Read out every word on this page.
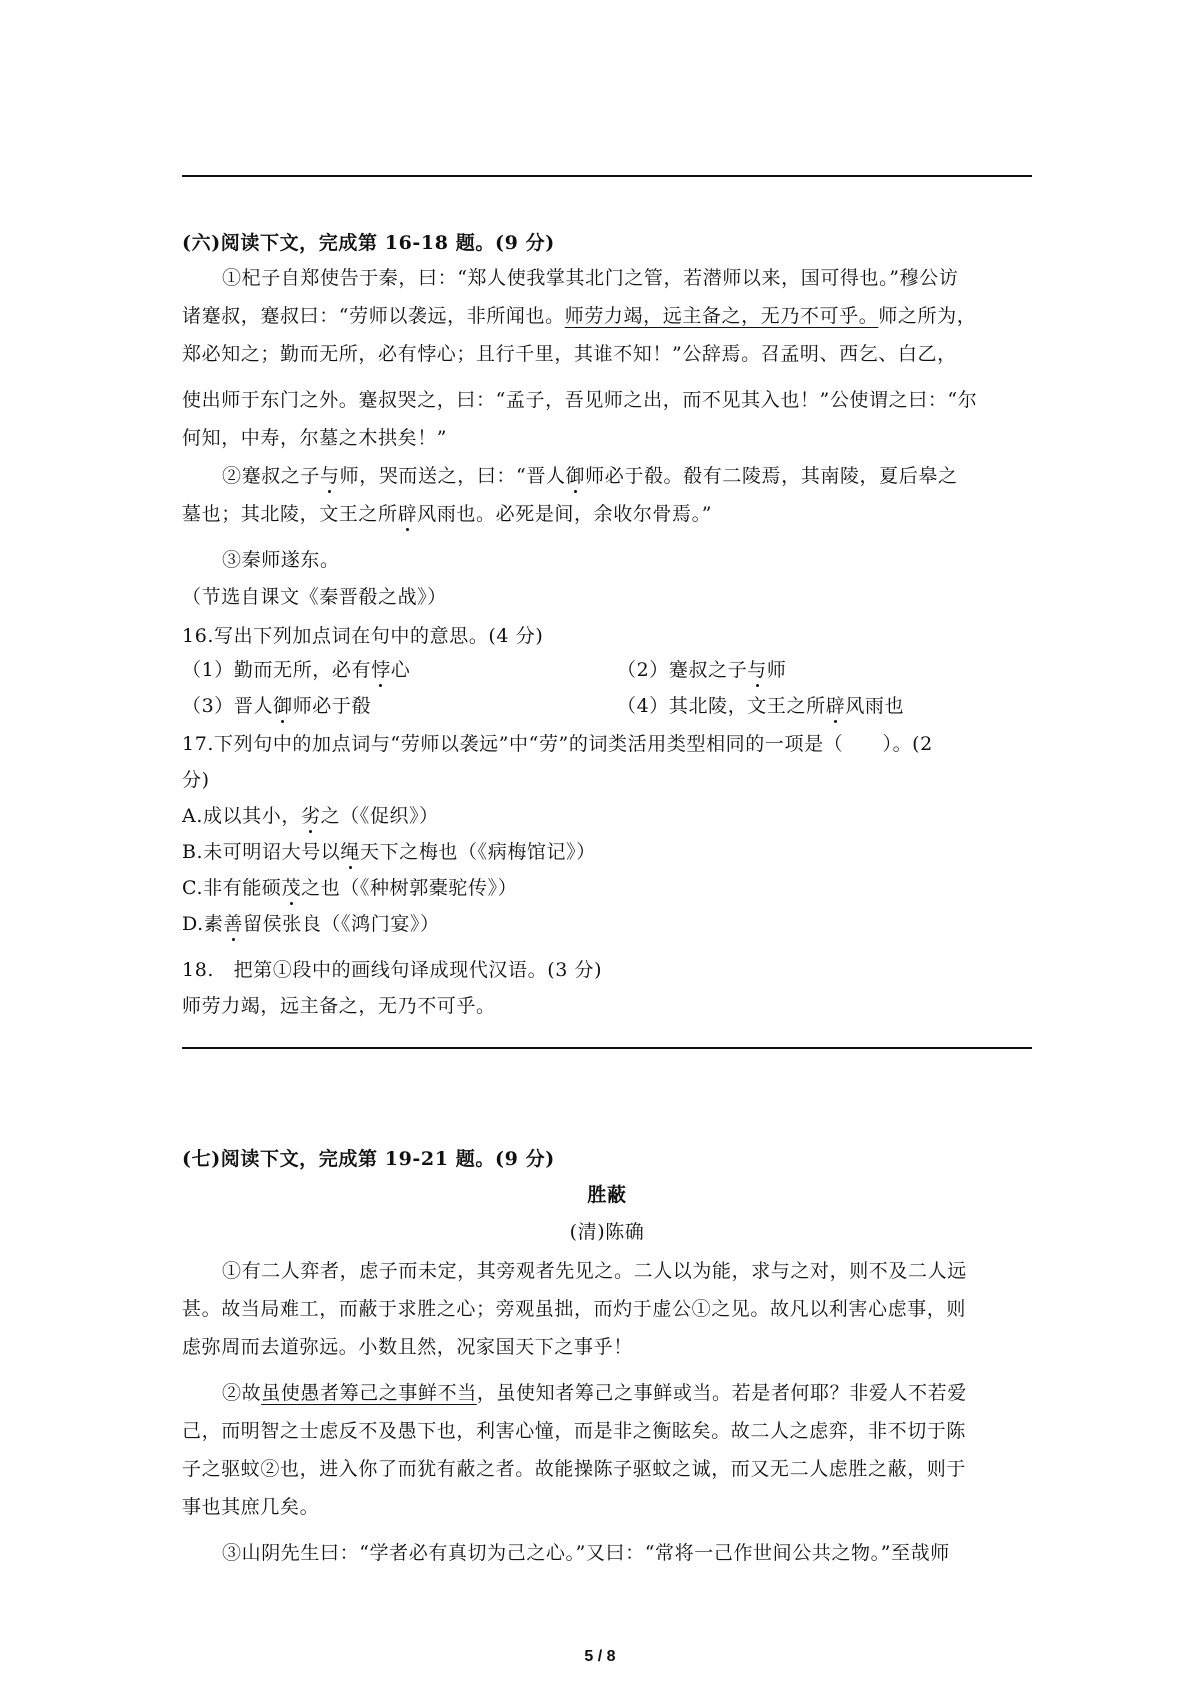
(六)阅读下文，完成第 16-18 题。(9 分)
①杞子自郑使告于秦，曰：“郑人使我掌其北门之管，若潜师以来，国可得也。”穆公访
诸蹇叔，蹇叔曰：“劳师以袭远，非所闻也。师劳力竭，远主备之，无乃不可乎。师之所为，
郑必知之；勤而无所，必有悖心；且行千里，其谁不知！”公辞焉。召孟明、西乞、白乙，
使出师于东门之外。蹇叔哭之，曰：“孟子，吾见师之出，而不见其入也！”公使谓之曰：“尔
何知，中寿，尔墓之木拱矣！”
②蹇叔之子与师，哭而送之，曰：“晋人御师必于殽。殽有二陵焉，其南陵，夏后皋之
墓也；其北陵，文王之所辟风雨也。必死是间，余收尔骨焉。”
③秦师遂东。
（节选自课文《秦晋殽之战》）
16.写出下列加点词在句中的意思。(4 分)
（1）勤而无所，必有悖心	（2）蹇叔之子与师
（3）晋人御师必于殽	（4）其北陵，文王之所辟风雨也
17.下列句中的加点词与“劳师以袭远”中“劳”的词类活用类型相同的一项是（　　）。(2
分)
A.成以其小，劣之（《促织》）
B.未可明诏大号以绳天下之梅也（《病梅馆记》）
C.非有能硕茂之也（《种树郭橐驼传》）
D.素善留侯张良（《鸿门宴》）
18.　把第①段中的画线句译成现代汉语。(3 分)
师劳力竭，远主备之，无乃不可乎。
(七)阅读下文，完成第 19-21 题。(9 分)
胜蔽
(清)陈确
①有二人弈者，虑子而未定，其旁观者先见之。二人以为能，求与之对，则不及二人远
甚。故当局难工，而蔽于求胜之心；旁观虽拙，而灼于虚公①之见。故凡以利害心虑事，则
虑弥周而去道弥远。小数且然，况家国天下之事乎！
②故虽使愚者筹己之事鲜不当，虽使知者筹己之事鲜或当。若是者何耶？非爱人不若爱
己，而明智之士虑反不及愚下也，利害心憧，而是非之衡眩矣。故二人之虑弈，非不切于陈
子之驱蚊②也，进入你了而犹有蔽之者。故能操陈子驱蚊之诚，而又无二人虑胜之蔽，则于
事也其庶几矣。
③山阴先生曰：“学者必有真切为己之心。”又曰：“常将一己作世间公共之物。”至哉师
5 / 8
